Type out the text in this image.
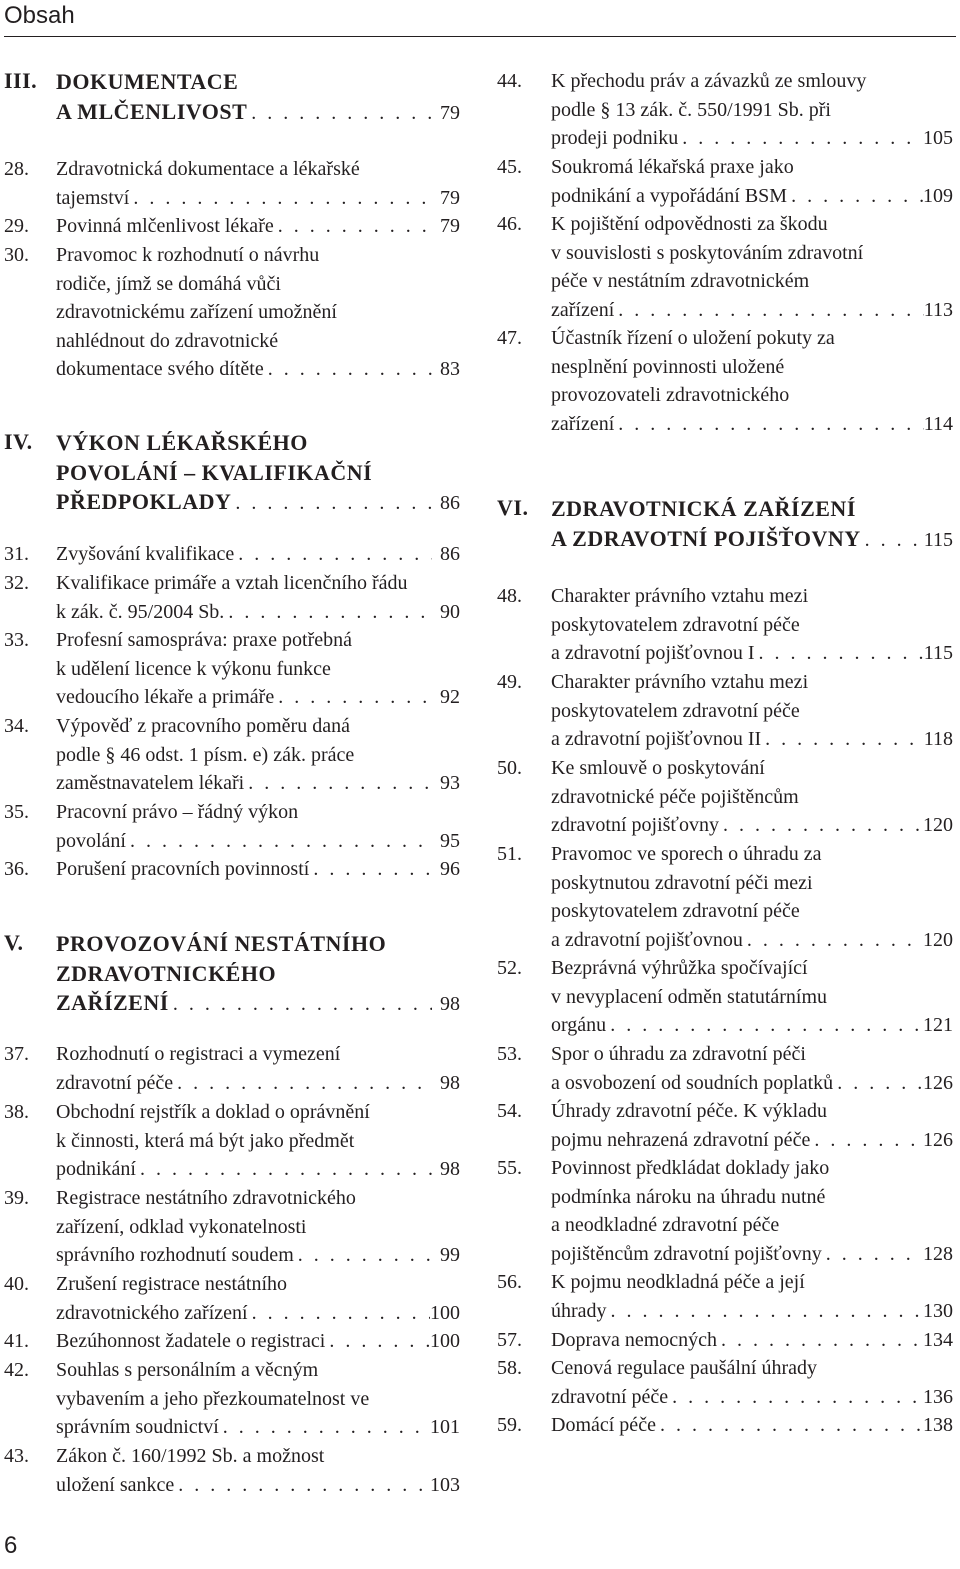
Obsah
III. DOKUMENTACE
A MLČENLIVOST . . .	79
28. Zdravotnická dokumentace a lékařské
tajemství . . .	79
29. Povinná mlčenlivost lékaře . . .	79
30. Pravomoc k rozhodnutí o návrhu
rodiče, jímž se domáhá vůči
zdravotnickému zařízení umožnění
nahlédnout do zdravotnické
dokumentace svého dítěte . . .	83
IV. VÝKON LÉKAŘSKÉHO
POVOLÁNÍ – KVALIFIKAČNÍ
PŘEDPOKLADY . . .	86
31. Zvyšování kvalifikace . . .	86
32. Kvalifikace primáře a vztah licenčního řádu
k zák. č. 95/2004 Sb. . . .	90
33. Profesní samospráva: praxe potřebná
k udělení licence k výkonu funkce
vedoucího lékaře a primáře . . .	92
34. Výpověď z pracovního poměru daná
podle § 46 odst. 1 písm. e) zák. práce
zaměstnavatelem lékaři . . .	93
35. Pracovní právo – řádný výkon
povolání . . .	95
36. Porušení pracovních povinností . . .	96
V. PROVOZOVÁNÍ NESTÁTNÍHO
ZDRAVOTNICKÉHO
ZAŘÍZENÍ . . .	98
37. Rozhodnutí o registraci a vymezení
zdravotní péče . . .	98
38. Obchodní rejstřík a doklad o oprávnění
k činnosti, která má být jako předmět
podnikání . . .	98
39. Registrace nestátního zdravotnického
zařízení, odklad vykonatelnosti
správního rozhodnutí soudem . . .	99
40. Zrušení registrace nestátního
zdravotnického zařízení . . .	100
41. Bezúhonnost žadatele o registraci . . .	100
42. Souhlas s personálním a věcným
vybavením a jeho přezkoumatelnost ve
správním soudnictví . . .	101
43. Zákon č. 160/1992 Sb. a možnost
uložení sankce . . .	103
44. K přechodu práv a závazků ze smlouvy
podle § 13 zák. č. 550/1991 Sb. při
prodeji podniku . . .	105
45. Soukromá lékařská praxe jako
podnikání a vypořádání BSM . . .	109
46. K pojištění odpovědnosti za škodu
v souvislosti s poskytováním zdravotní
péče v nestátním zdravotnickém
zařízení . . .	113
47. Účastník řízení o uložení pokuty za
nesplnění povinnosti uložené
provozovateli zdravotnického
zařízení . . .	114
VI. ZDRAVOTNICKÁ ZAŘÍZENÍ
A ZDRAVOTNÍ POJIŠŤOVNY . . .	115
48. Charakter právního vztahu mezi
poskytovatelem zdravotní péče
a zdravotní pojišťovnou I . . .	115
49. Charakter právního vztahu mezi
poskytovatelem zdravotní péče
a zdravotní pojišťovnou II . . .	118
50. Ke smlouvě o poskytování
zdravotnické péče pojištěncům
zdravotní pojišťovny . . .	120
51. Pravomoc ve sporech o úhradu za
poskytnutou zdravotní péči mezi
poskytovatelem zdravotní péče
a zdravotní pojišťovnou . . .	120
52. Bezprávná výhrůžka spočívající
v nevyplacení odměn statutárnímu
orgánu . . .	121
53. Spor o úhradu za zdravotní péči
a osvobození od soudních poplatků . . .	126
54. Úhrady zdravotní péče. K výkladu
pojmu nehrazená zdravotní péče . . .	126
55. Povinnost předkládat doklady jako
podmínka nároku na úhradu nutné
a neodkladné zdravotní péče
pojištěncům zdravotní pojišťovny . . .	128
56. K pojmu neodkladná péče a její
úhrady . . .	130
57. Doprava nemocných . . .	134
58. Cenová regulace paušální úhrady
zdravotní péče . . .	136
59. Domácí péče . . .	138
6
